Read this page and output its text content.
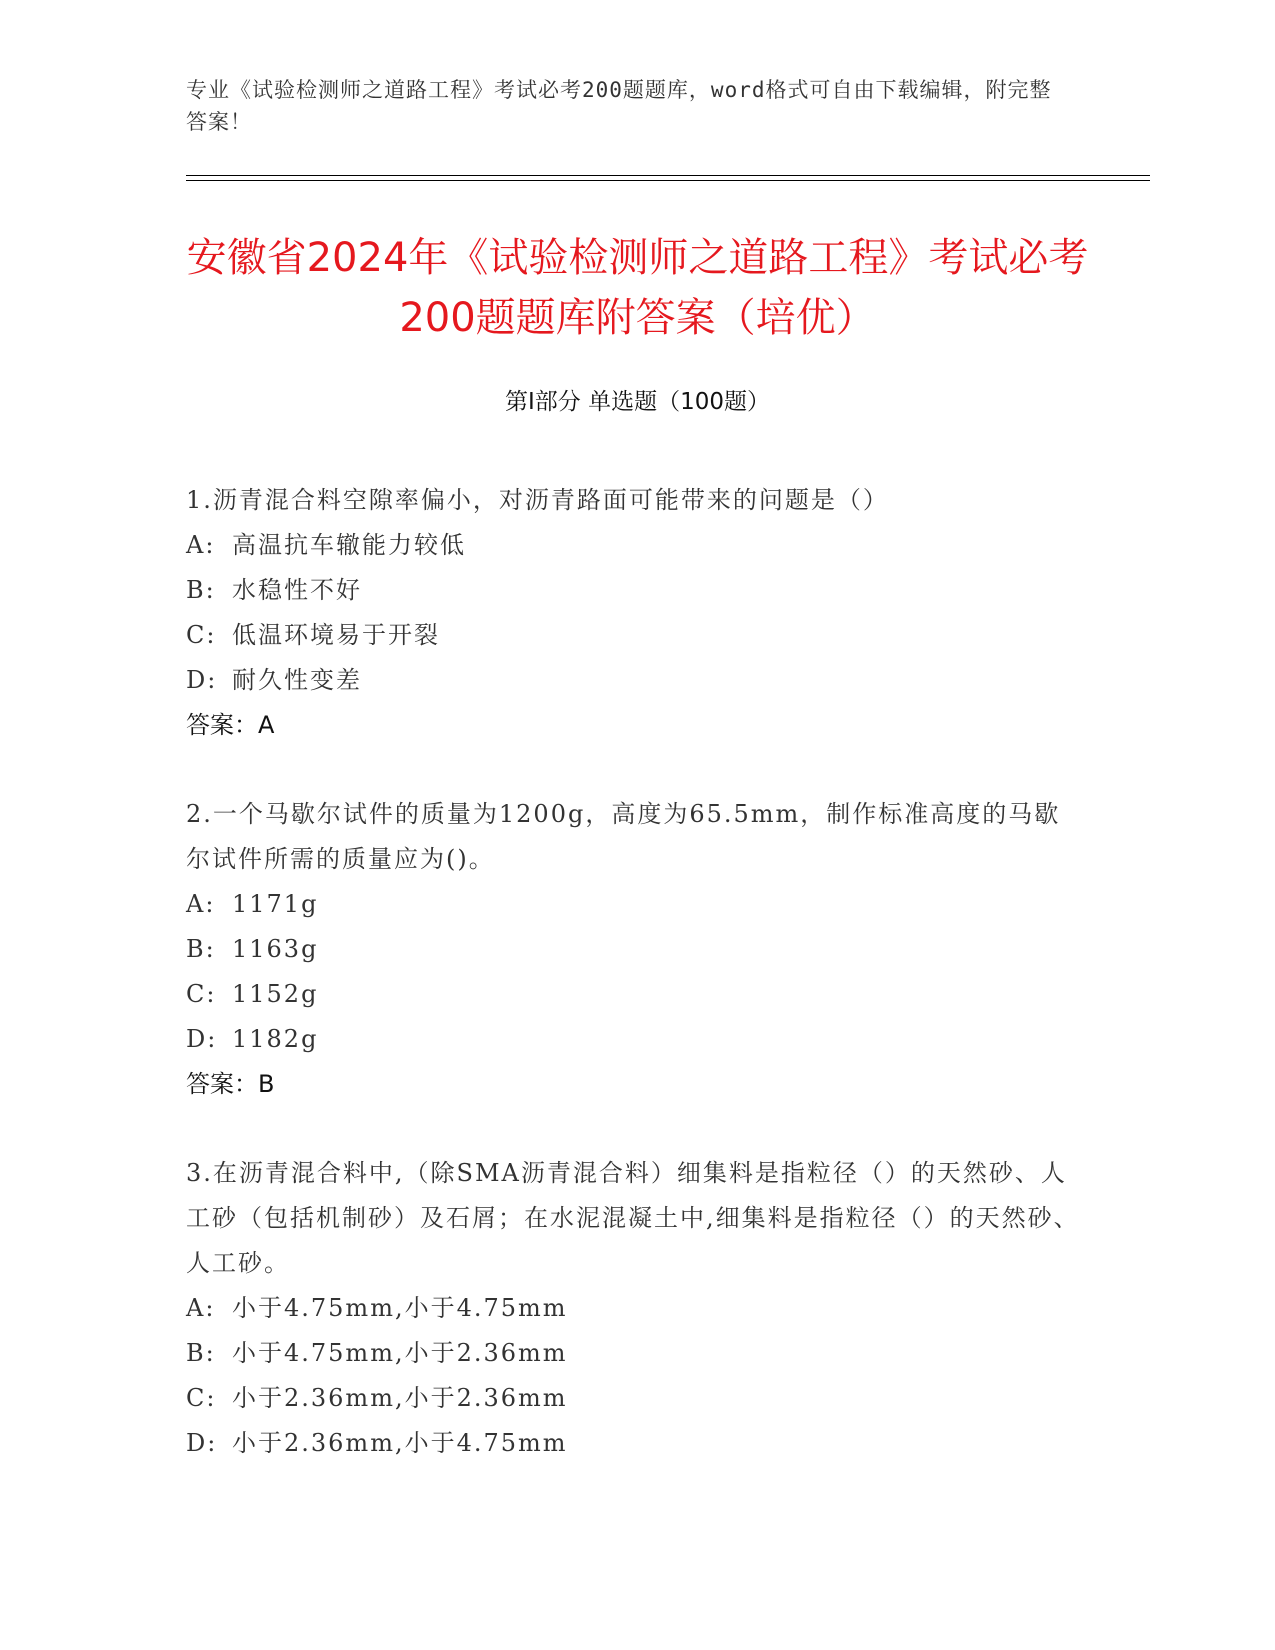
专业《试验检测师之道路工程》考试必考200题题库，word格式可自由下载编辑，附完整答案！
安徽省2024年《试验检测师之道路工程》考试必考200题题库附答案（培优）
第Ⅰ部分 单选题（100题）

1.沥青混合料空隙率偏小，对沥青路面可能带来的问题是（）

A: 高温抗车辙能力较低

B: 水稳性不好

C: 低温环境易于开裂

D: 耐久性变差

答案：A

2.一个马歇尔试件的质量为1200g，高度为65.5mm，制作标准高度的马歇尔试件所需的质量应为()。

A: 1171g

B: 1163g

C: 1152g

D: 1182g

答案：B

3.在沥青混合料中,（除SMA沥青混合料）细集料是指粒径（）的天然砂、人工砂（包括机制砂）及石屑；在水泥混凝土中,细集料是指粒径（）的天然砂、人工砂。

A: 小于4.75mm,小于4.75mm

B: 小于4.75mm,小于2.36mm

C: 小于2.36mm,小于2.36mm

D: 小于2.36mm,小于4.75mm
